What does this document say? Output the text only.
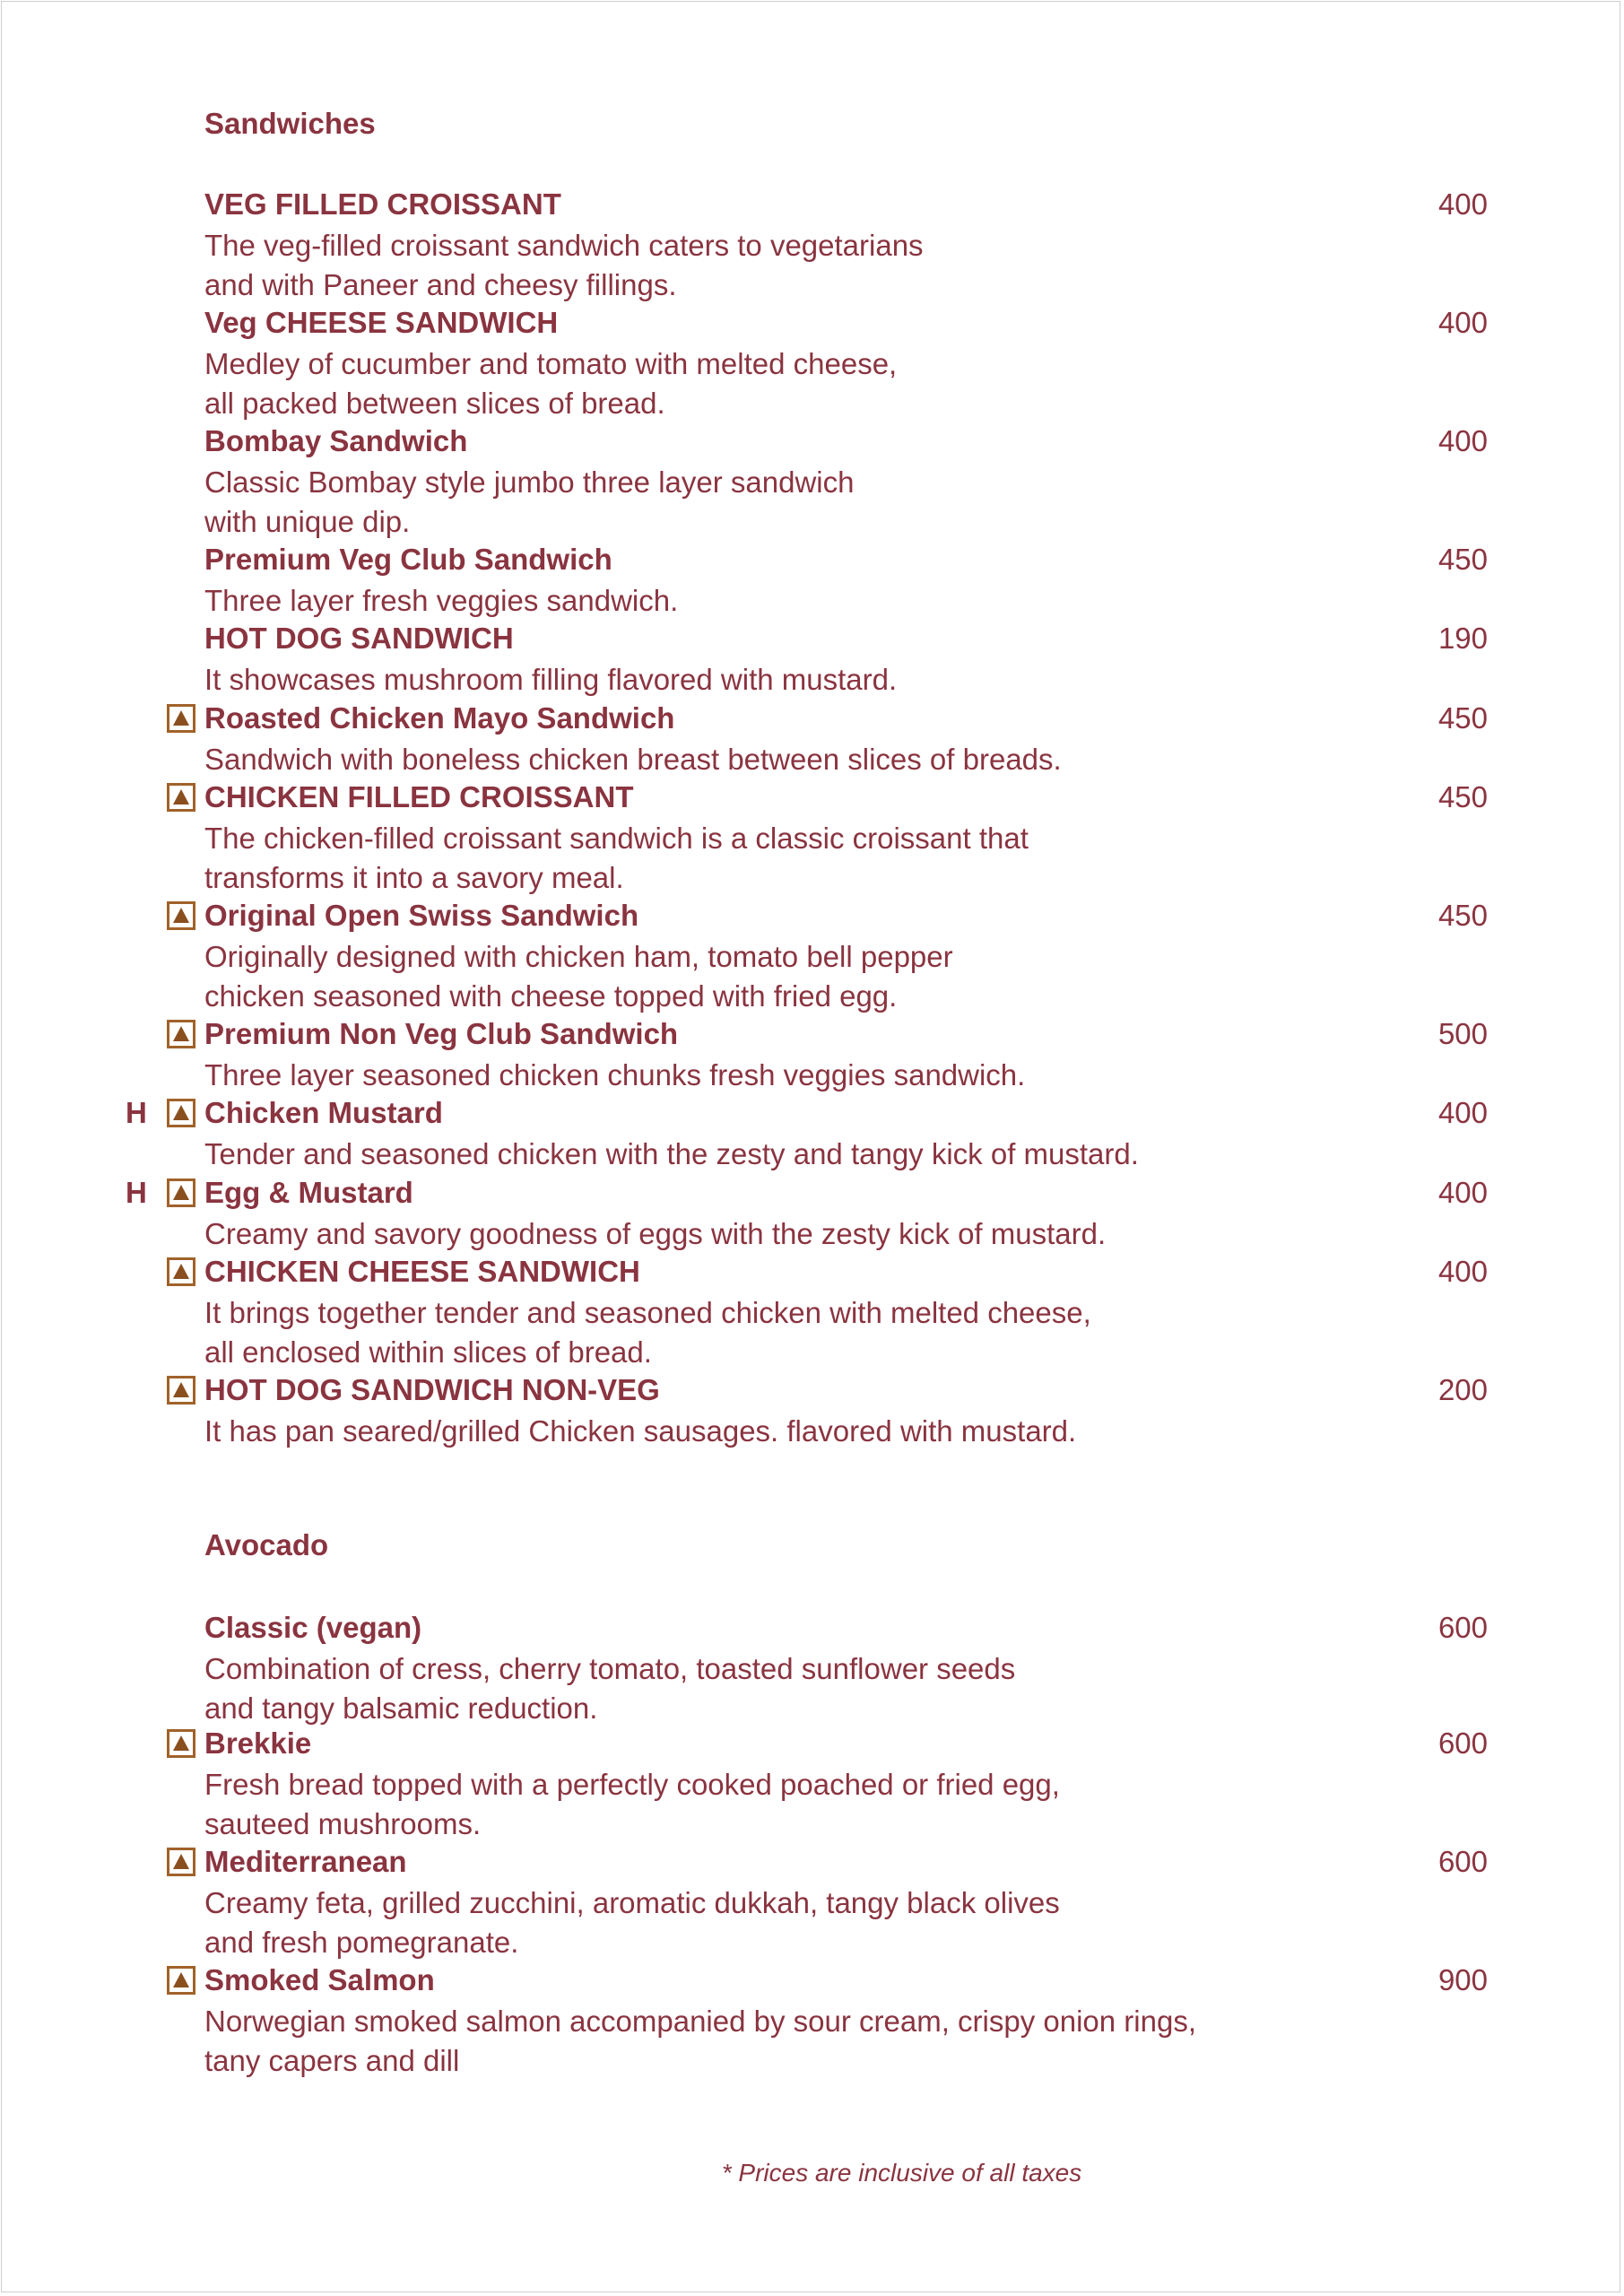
Sandwiches
VEG FILLED CROISSANT	400
The veg-filled croissant sandwich caters to vegetarians
and with Paneer and cheesy fillings.
Veg CHEESE SANDWICH	400
Medley of cucumber and tomato with melted cheese,
all packed between slices of bread.
Bombay Sandwich	400
Classic Bombay style jumbo three layer sandwich
with unique dip.
Premium Veg Club Sandwich	450
Three layer fresh veggies sandwich.
HOT DOG SANDWICH	190
It showcases mushroom filling flavored with mustard.
Roasted Chicken Mayo Sandwich	450
Sandwich with boneless chicken breast between slices of breads.
CHICKEN FILLED CROISSANT	450
The chicken-filled croissant sandwich is a classic croissant that
transforms it into a savory meal.
Original Open Swiss Sandwich	450
Originally designed with chicken ham, tomato bell pepper
chicken seasoned with cheese topped with fried egg.
Premium Non Veg Club Sandwich	500
Three layer seasoned chicken chunks fresh veggies sandwich.
H Chicken Mustard	400
Tender and seasoned chicken with the zesty and tangy kick of mustard.
H Egg & Mustard	400
Creamy and savory goodness of eggs with the zesty kick of mustard.
CHICKEN CHEESE SANDWICH	400
It brings together tender and seasoned chicken with melted cheese,
all enclosed within slices of bread.
HOT DOG SANDWICH NON-VEG	200
It has pan seared/grilled Chicken sausages. flavored with mustard.
Avocado
Classic (vegan)	600
Combination of cress, cherry tomato, toasted sunflower seeds
and tangy balsamic reduction.
Brekkie	600
Fresh bread topped with a perfectly cooked poached or fried egg,
sauteed mushrooms.
Mediterranean	600
Creamy feta, grilled zucchini, aromatic dukkah, tangy black olives
and fresh pomegranate.
Smoked Salmon	900
Norwegian smoked salmon accompanied by sour cream, crispy onion rings,
tany capers and dill
* Prices are inclusive of all taxes
